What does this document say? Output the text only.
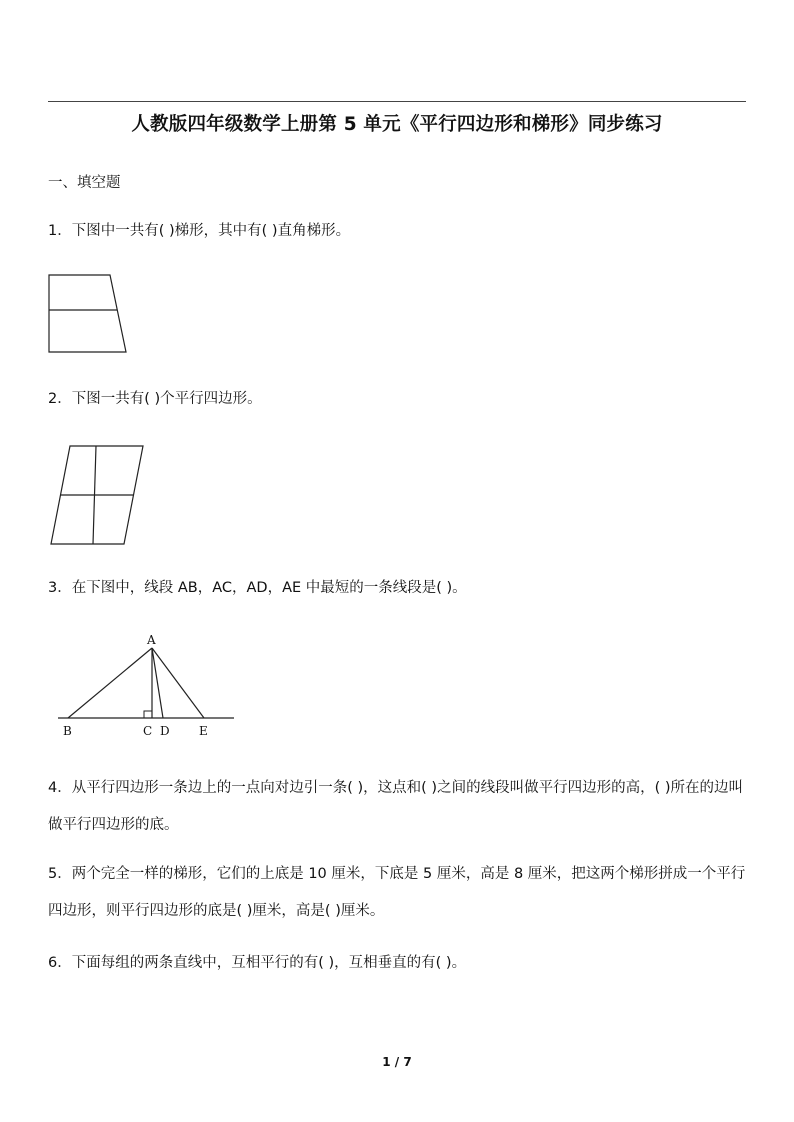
人教版四年级数学上册第 5 单元《平行四边形和梯形》同步练习
一、填空题
1．下图中一共有( )梯形，其中有( )直角梯形。
2．下图一共有( )个平行四边形。
3．在下图中，线段 AB，AC，AD，AE 中最短的一条线段是( )。
A
B	C D E
4．从平行四边形一条边上的一点向对边引一条( )，这点和( )之间的线段叫做平行四边形的高，( )所在的边叫做平行四边形的底。
5．两个完全一样的梯形，它们的上底是 10 厘米，下底是 5 厘米，高是 8 厘米，把这两个梯形拼成一个平行四边形，则平行四边形的底是( )厘米，高是( )厘米。
6．下面每组的两条直线中，互相平行的有( )，互相垂直的有( )。
1 / 7
